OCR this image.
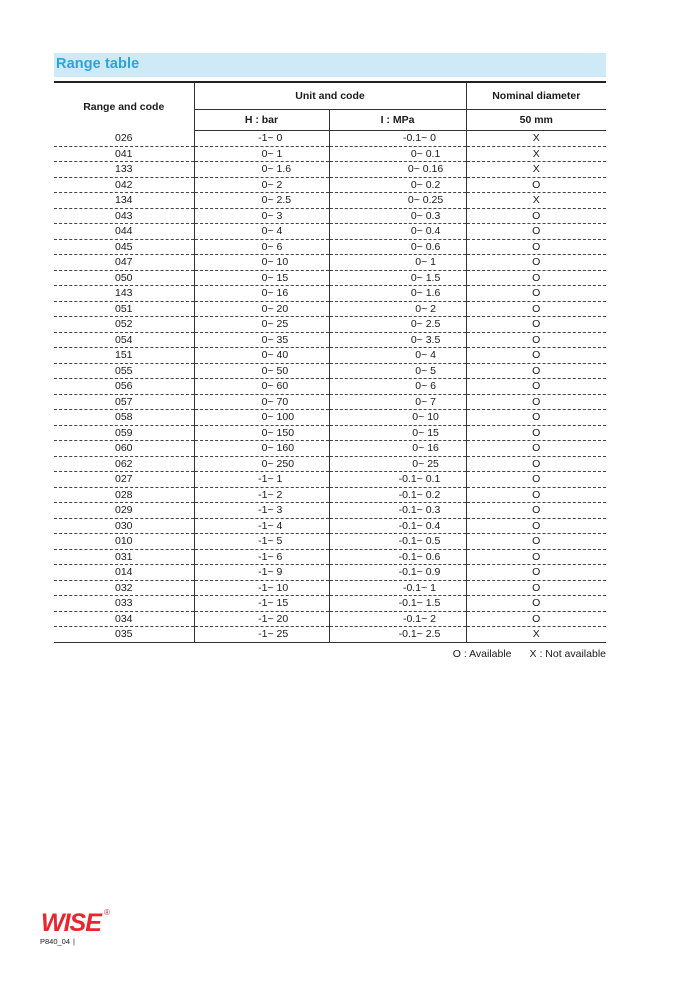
Range table
Range and code	Unit and code		Nominal diameter
	H : bar	I : MPa	50 mm
026	-1~ 0	-0.1~ 0	X
041	0~ 1	0~ 0.1	X
133	0~ 1.6	0~ 0.16	X
042	0~ 2	0~ 0.2	O
134	0~ 2.5	0~ 0.25	X
043	0~ 3	0~ 0.3	O
044	0~ 4	0~ 0.4	O
045	0~ 6	0~ 0.6	O
047	0~ 10	0~ 1	O
050	0~ 15	0~ 1.5	O
143	0~ 16	0~ 1.6	O
051	0~ 20	0~ 2	O
052	0~ 25	0~ 2.5	O
054	0~ 35	0~ 3.5	O
151	0~ 40	0~ 4	O
055	0~ 50	0~ 5	O
056	0~ 60	0~ 6	O
057	0~ 70	0~ 7	O
058	0~ 100	0~ 10	O
059	0~ 150	0~ 15	O
060	0~ 160	0~ 16	O
062	0~ 250	0~ 25	O
027	-1~ 1	-0.1~ 0.1	O
028	-1~ 2	-0.1~ 0.2	O
029	-1~ 3	-0.1~ 0.3	O
030	-1~ 4	-0.1~ 0.4	O
010	-1~ 5	-0.1~ 0.5	O
031	-1~ 6	-0.1~ 0.6	O
014	-1~ 9	-0.1~ 0.9	O
032	-1~ 10	-0.1~ 1	O
033	-1~ 15	-0.1~ 1.5	O
034	-1~ 20	-0.1~ 2	O
035	-1~ 25	-0.1~ 2.5	X
O : Available X : Not available
WISE ®
P840_04 |
